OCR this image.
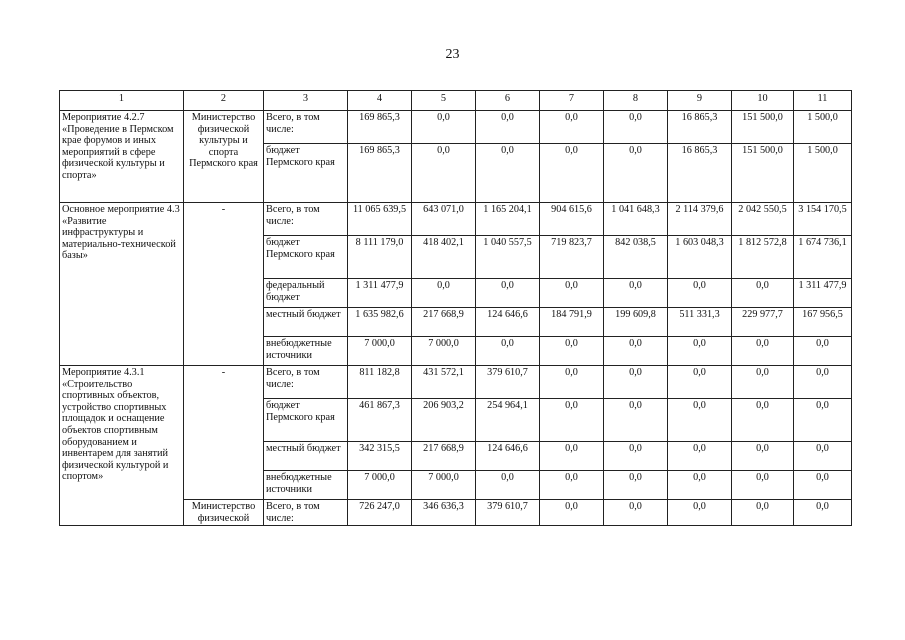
23
1	2	3	4	5	6	7	8	9	10	11
Мероприятие 4.2.7 «Проведение в Пермском крае форумов и иных мероприятий в сфере физической культуры и спорта»	Министерство физической культуры и спорта Пермского края	Всего, в том числе:	169 865,3	0,0	0,0	0,0	0,0	16 865,3	151 500,0	1 500,0
		бюджет Пермского края	169 865,3	0,0	0,0	0,0	0,0	16 865,3	151 500,0	1 500,0
Основное мероприятие 4.3 «Развитие инфраструктуры и материально-технической базы»	-	Всего, в том числе:	11 065 639,5	643 071,0	1 165 204,1	904 615,6	1 041 648,3	2 114 379,6	2 042 550,5	3 154 170,5
		бюджет Пермского края	8 111 179,0	418 402,1	1 040 557,5	719 823,7	842 038,5	1 603 048,3	1 812 572,8	1 674 736,1
		федеральный бюджет	1 311 477,9	0,0	0,0	0,0	0,0	0,0	0,0	1 311 477,9
		местный бюджет	1 635 982,6	217 668,9	124 646,6	184 791,9	199 609,8	511 331,3	229 977,7	167 956,5
		внебюджетные источники	7 000,0	7 000,0	0,0	0,0	0,0	0,0	0,0	0,0
Мероприятие 4.3.1 «Строительство спортивных объектов, устройство спортивных площадок и оснащение объектов спортивным оборудованием и инвентарем для занятий физической культурой и спортом»	-	Всего, в том числе:	811 182,8	431 572,1	379 610,7	0,0	0,0	0,0	0,0	0,0
		бюджет Пермского края	461 867,3	206 903,2	254 964,1	0,0	0,0	0,0	0,0	0,0
		местный бюджет	342 315,5	217 668,9	124 646,6	0,0	0,0	0,0	0,0	0,0
		внебюджетные источники	7 000,0	7 000,0	0,0	0,0	0,0	0,0	0,0	0,0
	Министерство физической	Всего, в том числе:	726 247,0	346 636,3	379 610,7	0,0	0,0	0,0	0,0	0,0
